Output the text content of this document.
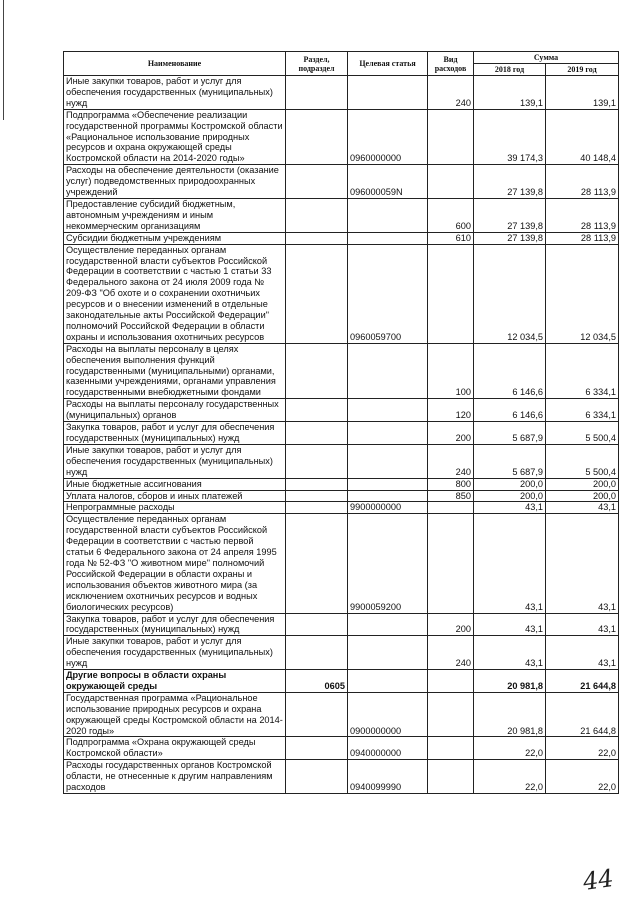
Наименование	Раздел, подраздел	Целевая статья	Вид расходов	Сумма	
				2018 год	2019 год
Иные закупки товаров, работ и услуг для обеспечения государственных (муниципальных) нужд			240	139,1	139,1
Подпрограмма «Обеспечение реализации государственной программы Костромской области «Рациональное использование природных ресурсов и охрана окружающей среды Костромской области на 2014-2020 годы»		0960000000		39 174,3	40 148,4
Расходы на обеспечение деятельности (оказание услуг) подведомственных природоохранных учреждений		096000059N		27 139,8	28 113,9
Предоставление субсидий бюджетным, автономным учреждениям и иным некоммерческим организациям			600	27 139,8	28 113,9
Субсидии бюджетным учреждениям			610	27 139,8	28 113,9
Осуществление переданных органам государственной власти субъектов Российской Федерации в соответствии с частью 1 статьи 33 Федерального закона от 24 июля 2009 года № 209-ФЗ "Об охоте и о сохранении охотничьих ресурсов и о внесении изменений в отдельные законодательные акты Российской Федерации" полномочий Российской Федерации в области охраны и использования охотничьих ресурсов		0960059700		12 034,5	12 034,5
Расходы на выплаты персоналу в целях обеспечения выполнения функций государственными (муниципальными) органами, казенными учреждениями, органами управления государственными внебюджетными фондами			100	6 146,6	6 334,1
Расходы на выплаты персоналу государственных (муниципальных) органов			120	6 146,6	6 334,1
Закупка товаров, работ и услуг для обеспечения государственных (муниципальных) нужд			200	5 687,9	5 500,4
Иные закупки товаров, работ и услуг для обеспечения государственных (муниципальных) нужд			240	5 687,9	5 500,4
Иные бюджетные ассигнования			800	200,0	200,0
Уплата налогов, сборов и иных платежей			850	200,0	200,0
Непрограммные расходы		9900000000		43,1	43,1
Осуществление переданных органам государственной власти субъектов Российской Федерации в соответствии с частью первой статьи 6 Федерального закона от 24 апреля 1995 года № 52-ФЗ "О животном мире" полномочий Российской Федерации в области охраны и использования объектов животного мира (за исключением охотничьих ресурсов и водных биологических ресурсов)		9900059200		43,1	43,1
Закупка товаров, работ и услуг для обеспечения государственных (муниципальных) нужд			200	43,1	43,1
Иные закупки товаров, работ и услуг для обеспечения государственных (муниципальных) нужд			240	43,1	43,1
Другие вопросы в области охраны окружающей среды	0605			20 981,8	21 644,8
Государственная программа «Рациональное использование природных ресурсов и охрана окружающей среды Костромской области на 2014-2020 годы»		0900000000		20 981,8	21 644,8
Подпрограмма «Охрана окружающей среды Костромской области»		0940000000		22,0	22,0
Расходы государственных органов Костромской области, не отнесенные к другим направлениям расходов		0940099990		22,0	22,0
44
